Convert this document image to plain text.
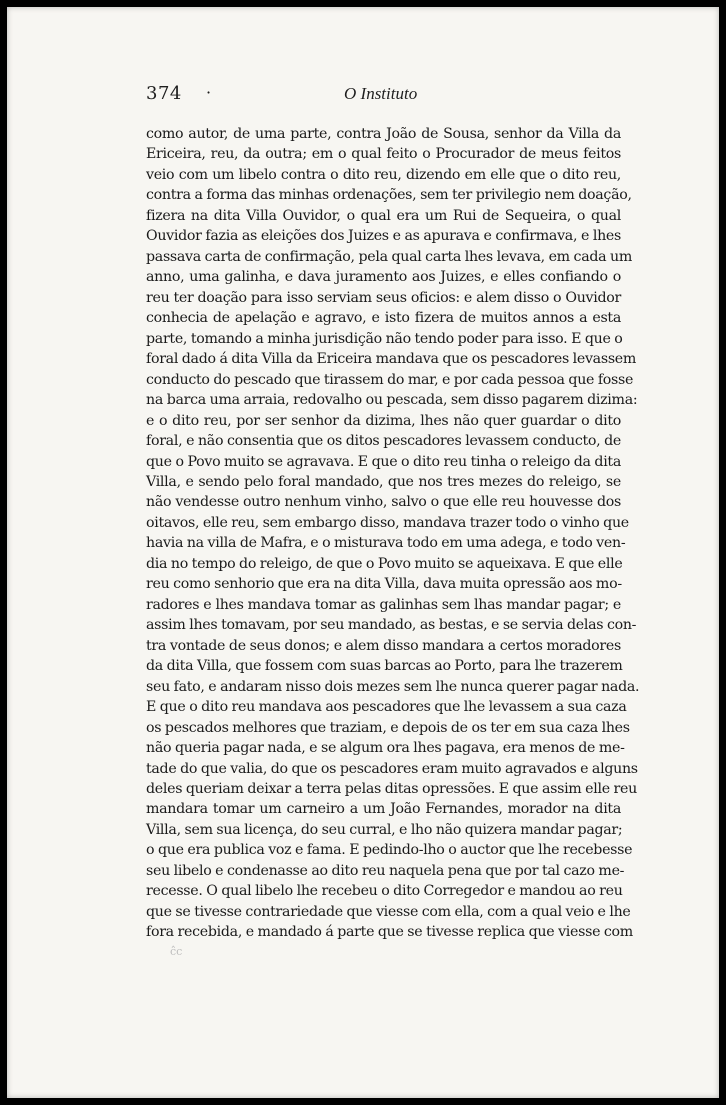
374 ·	O Instituto
como autor, de uma parte, contra João de Sousa, senhor da Villa da
Ericeira, reu, da outra; em o qual feito o Procurador de meus feitos
veio com um libelo contra o dito reu, dizendo em elle que o dito reu,
contra a forma das minhas ordenações, sem ter privilegio nem doação,
fizera na dita Villa Ouvidor, o qual era um Rui de Sequeira, o qual
Ouvidor fazia as eleições dos Juizes e as apurava e confirmava, e lhes
passava carta de confirmação, pela qual carta lhes levava, em cada um
anno, uma galinha, e dava juramento aos Juizes, e elles confiando o
reu ter doação para isso serviam seus oficios: e alem disso o Ouvidor
conhecia de apelação e agravo, e isto fizera de muitos annos a esta
parte, tomando a minha jurisdição não tendo poder para isso. E que o
foral dado á dita Villa da Ericeira mandava que os pescadores levassem
conducto do pescado que tirassem do mar, e por cada pessoa que fosse
na barca uma arraia, redovalho ou pescada, sem disso pagarem dizima:
e o dito reu, por ser senhor da dizima, lhes não quer guardar o dito
foral, e não consentia que os ditos pescadores levassem conducto, de
que o Povo muito se agravava. E que o dito reu tinha o releigo da dita
Villa, e sendo pelo foral mandado, que nos tres mezes do releigo, se
não vendesse outro nenhum vinho, salvo o que elle reu houvesse dos
oitavos, elle reu, sem embargo disso, mandava trazer todo o vinho que
havia na villa de Mafra, e o misturava todo em uma adega, e todo ven-
dia no tempo do releigo, de que o Povo muito se aqueixava. E que elle
reu como senhorio que era na dita Villa, dava muita opressão aos mo-
radores e lhes mandava tomar as galinhas sem lhas mandar pagar; e
assim lhes tomavam, por seu mandado, as bestas, e se servia delas con-
tra vontade de seus donos; e alem disso mandara a certos moradores
da dita Villa, que fossem com suas barcas ao Porto, para lhe trazerem
seu fato, e andaram nisso dois mezes sem lhe nunca querer pagar nada.
E que o dito reu mandava aos pescadores que lhe levassem a sua caza
os pescados melhores que traziam, e depois de os ter em sua caza lhes
não queria pagar nada, e se algum ora lhes pagava, era menos de me-
tade do que valia, do que os pescadores eram muito agravados e alguns
deles queriam deixar a terra pelas ditas opressões. E que assim elle reu
mandara tomar um carneiro a um João Fernandes, morador na dita
Villa, sem sua licença, do seu curral, e lho não quizera mandar pagar;
o que era publica voz e fama. E pedindo-lho o auctor que lhe recebesse
seu libelo e condenasse ao dito reu naquela pena que por tal cazo me-
recesse. O qual libelo lhe recebeu o dito Corregedor e mandou ao reu
que se tivesse contrariedade que viesse com ella, com a qual veio e lhe
fora recebida, e mandado á parte que se tivesse replica que viesse com
ĉc
